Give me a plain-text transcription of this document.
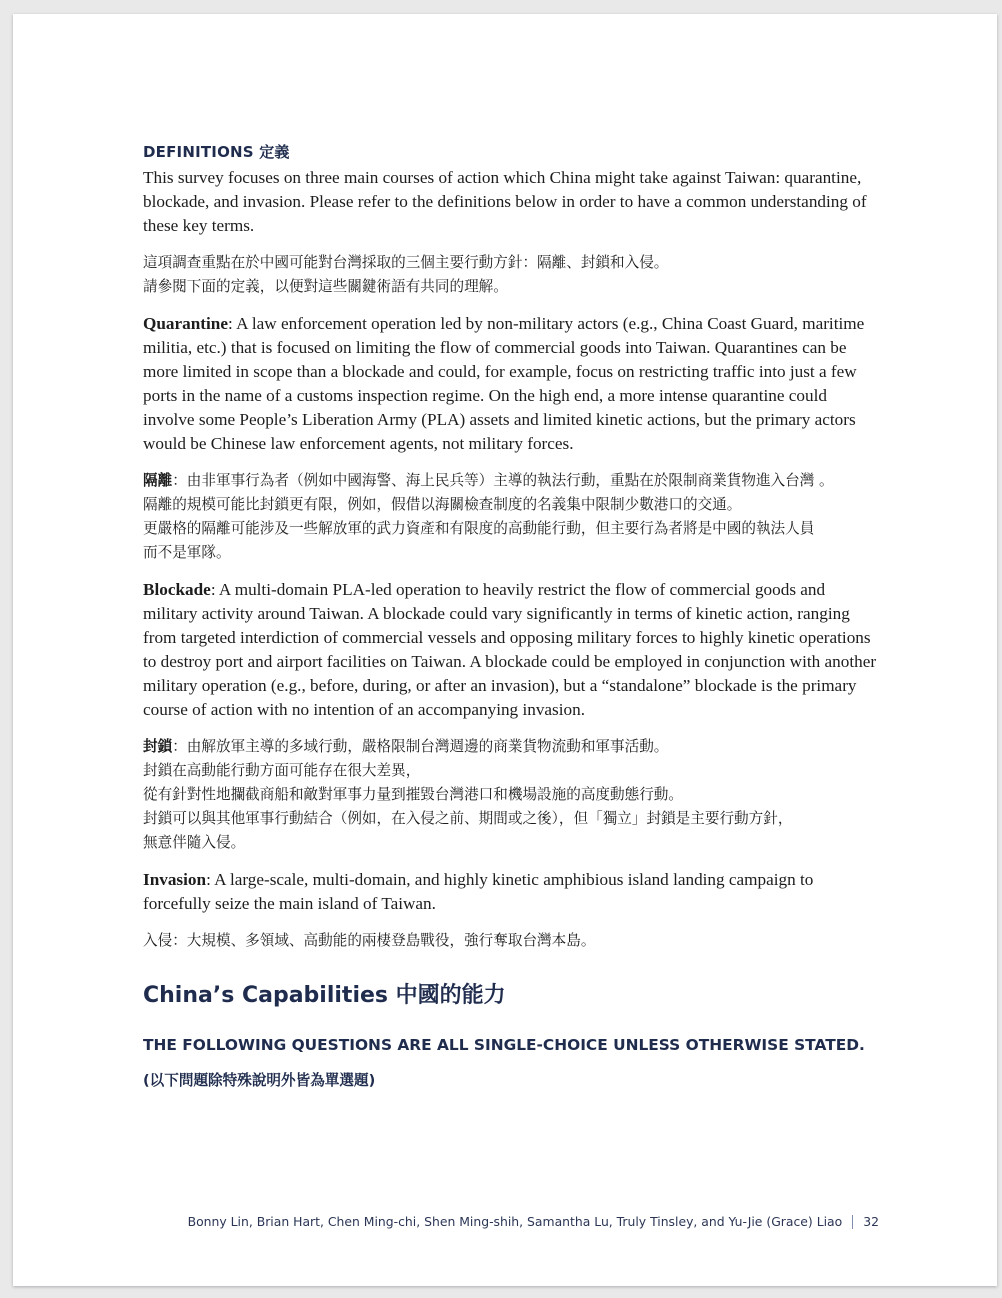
DEFINITIONS 定義

This survey focuses on three main courses of action which China might take against Taiwan: quarantine, blockade, and invasion. Please refer to the definitions below in order to have a common understanding of these key terms.

這項調查重點在於中國可能對台灣採取的三個主要行動方針：隔離、封鎖和入侵。

請參閱下面的定義，以便對這些關鍵術語有共同的理解。

Quarantine: A law enforcement operation led by non-military actors (e.g., China Coast Guard, maritime militia, etc.) that is focused on limiting the flow of commercial goods into Taiwan. Quarantines can be more limited in scope than a blockade and could, for example, focus on restricting traffic into just a few ports in the name of a customs inspection regime. On the high end, a more intense quarantine could involve some People’s Liberation Army (PLA) assets and limited kinetic actions, but the primary actors would be Chinese law enforcement agents, not military forces.

隔離：由非軍事行為者（例如中國海警、海上民兵等）主導的執法行動，重點在於限制商業貨物進入台灣 。

隔離的規模可能比封鎖更有限，例如，假借以海關檢查制度的名義集中限制少數港口的交通。

更嚴格的隔離可能涉及一些解放軍的武力資產和有限度的高動能行動，但主要行為者將是中國的執法人員

而不是軍隊。

Blockade: A multi-domain PLA-led operation to heavily restrict the flow of commercial goods and military activity around Taiwan. A blockade could vary significantly in terms of kinetic action, ranging from targeted interdiction of commercial vessels and opposing military forces to highly kinetic operations to destroy port and airport facilities on Taiwan. A blockade could be employed in conjunction with another military operation (e.g., before, during, or after an invasion), but a “standalone” blockade is the primary course of action with no intention of an accompanying invasion.

封鎖：由解放軍主導的多域行動，嚴格限制台灣週邊的商業貨物流動和軍事活動。

封鎖在高動能行動方面可能存在很大差異，

從有針對性地攔截商船和敵對軍事力量到摧毀台灣港口和機場設施的高度動態行動。

封鎖可以與其他軍事行動結合（例如，在入侵之前、期間或之後），但「獨立」封鎖是主要行動方針，

無意伴隨入侵。

Invasion: A large-scale, multi-domain, and highly kinetic amphibious island landing campaign to forcefully seize the main island of Taiwan.

入侵：大規模、多領域、高動能的兩棲登島戰役，強行奪取台灣本島。

China’s Capabilities 中國的能力
THE FOLLOWING QUESTIONS ARE ALL SINGLE-CHOICE UNLESS OTHERWISE STATED.
(以下問題除特殊說明外皆為單選題)
Bonny Lin, Brian Hart, Chen Ming-chi, Shen Ming-shih, Samantha Lu, Truly Tinsley, and Yu-Jie (Grace) Liao 32
